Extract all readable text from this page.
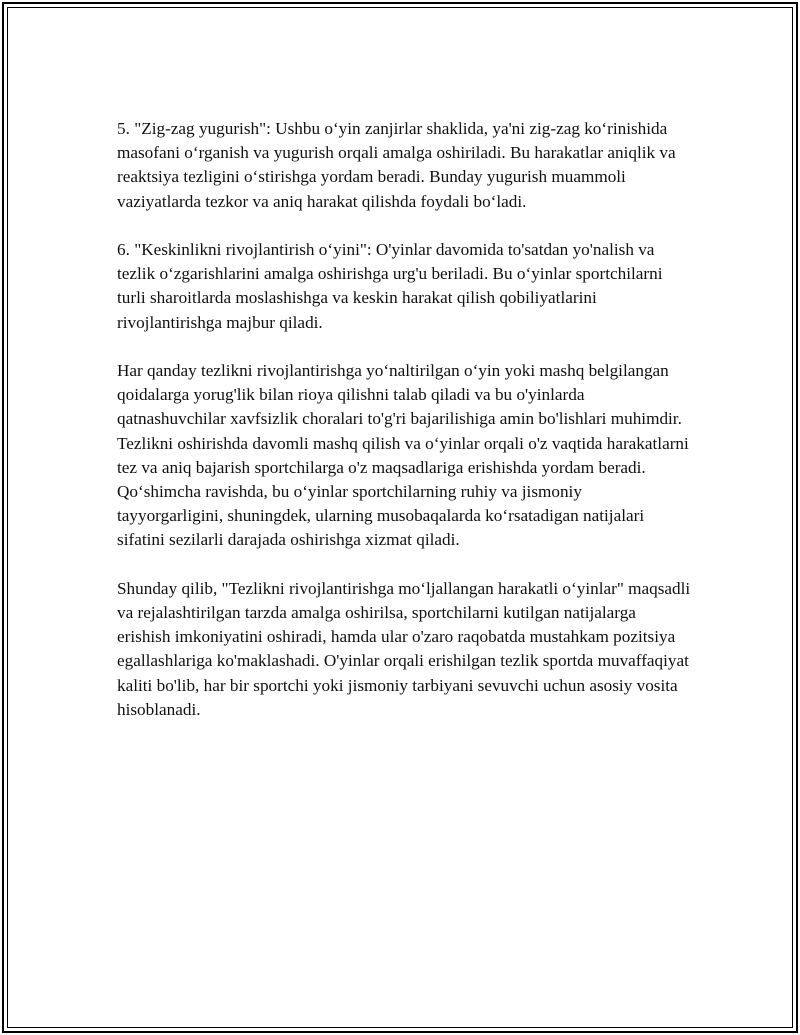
5. "Zig-zag yugurish": Ushbu o‘yin zanjirlar shaklida, ya'ni zig-zag ko‘rinishida masofani o‘rganish va yugurish orqali amalga oshiriladi. Bu harakatlar aniqlik va reaktsiya tezligini o‘stirishga yordam beradi. Bunday yugurish muammoli vaziyatlarda tezkor va aniq harakat qilishda foydali bo‘ladi.

6. "Keskinlikni rivojlantirish o‘yini": O'yinlar davomida to'satdan yo'nalish va tezlik o‘zgarishlarini amalga oshirishga urg'u beriladi. Bu o‘yinlar sportchilarni turli sharoitlarda moslashishga va keskin harakat qilish qobiliyatlarini rivojlantirishga majbur qiladi.

Har qanday tezlikni rivojlantirishga yo‘naltirilgan o‘yin yoki mashq belgilangan qoidalarga yorug'lik bilan rioya qilishni talab qiladi va bu o'yinlarda qatnashuvchilar xavfsizlik choralari to'g'ri bajarilishiga amin bo'lishlari muhimdir. Tezlikni oshirishda davomli mashq qilish va o‘yinlar orqali o'z vaqtida harakatlarni tez va aniq bajarish sportchilarga o'z maqsadlariga erishishda yordam beradi. Qo‘shimcha ravishda, bu o‘yinlar sportchilarning ruhiy va jismoniy tayyorgarligini, shuningdek, ularning musobaqalarda ko‘rsatadigan natijalari sifatini sezilarli darajada oshirishga xizmat qiladi.

Shunday qilib, "Tezlikni rivojlantirishga mo‘ljallangan harakatli o‘yinlar" maqsadli va rejalashtirilgan tarzda amalga oshirilsa, sportchilarni kutilgan natijalarga erishish imkoniyatini oshiradi, hamda ular o'zaro raqobatda mustahkam pozitsiya egallashlariga ko'maklashadi. O'yinlar orqali erishilgan tezlik sportda muvaffaqiyat kaliti bo'lib, har bir sportchi yoki jismoniy tarbiyani sevuvchi uchun asosiy vosita hisoblanadi.
